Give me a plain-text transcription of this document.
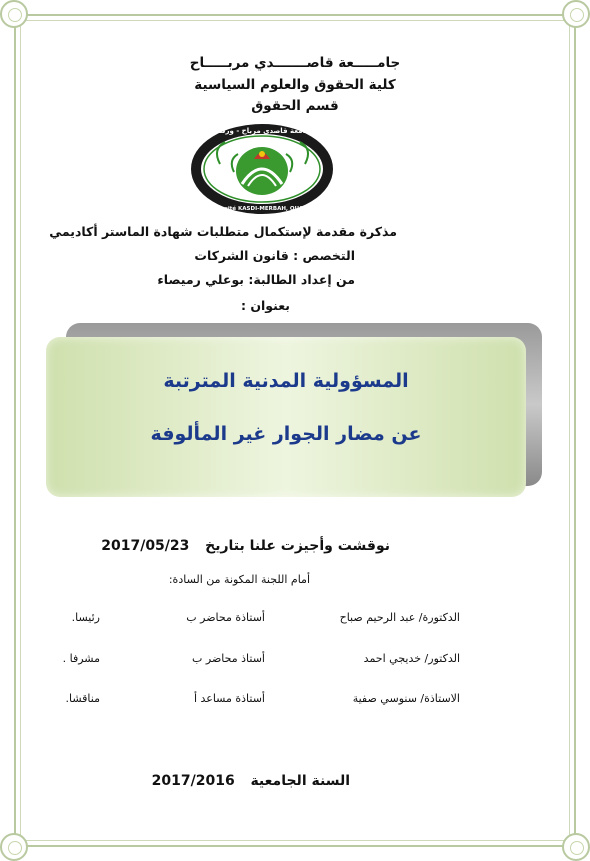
جامـــــعة قاصـــــــدي مربـــــاح
كلية الحقوق والعلوم السياسية
قسم الحقوق
جامعة قاصدي مرباح - ورقلة
Université KASDI-MERBAH, OUARGLA
مذكرة مقدمة لإستكمال متطلبات شهادة الماستر أكاديمي
التخصص : قانون الشركات
من إعداد الطالبة: بوعلي رميصاء
بعنوان :
المسؤولية المدنية المترتبة
عن مضار الجوار غير المألوفة
نوقشت وأجيزت علنا بتاريخ  2017/05/23
أمام اللجنة المكونة من السادة:
الدكتورة/ عبد الرحيم صباح
أستاذة محاضر ب
رئيسا.
الدكتور/ خديجي احمد
أستاذ محاضر ب
مشرفا .
الاستاذة/ سنوسي صفية
أستاذة مساعد أ
مناقشا.
السنة الجامعية  2017/2016
